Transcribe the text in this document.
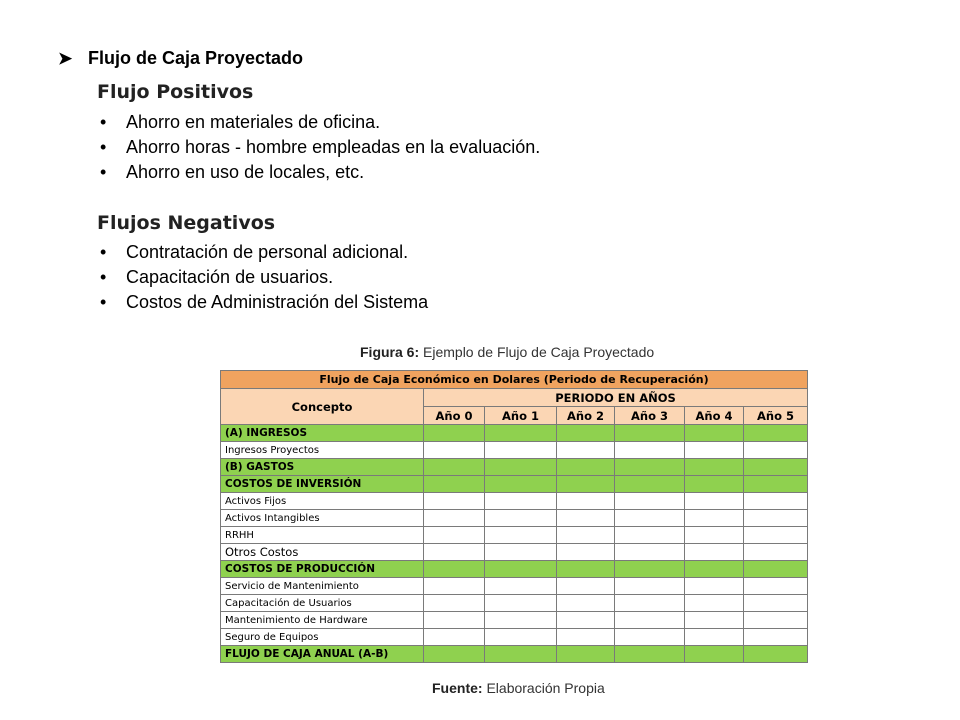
➤ Flujo de Caja Proyectado
Flujo Positivos
• Ahorro en materiales de oficina.
• Ahorro horas - hombre empleadas en la evaluación.
• Ahorro en uso de locales, etc.
Flujos Negativos
• Contratación de personal adicional.
• Capacitación de usuarios.
• Costos de Administración del Sistema
Figura 6: Ejemplo de Flujo de Caja Proyectado
Flujo de Caja Económico en Dolares (Periodo de Recuperación)						
Concepto	PERIODO EN AÑOS					
	Año 0	Año 1	Año 2	Año 3	Año 4	Año 5
(A) INGRESOS						
Ingresos Proyectos						
(B) GASTOS						
COSTOS DE INVERSIÓN						
Activos Fijos						
Activos Intangibles						
RRHH						
Otros Costos						
COSTOS DE PRODUCCIÓN						
Servicio de Mantenimiento						
Capacitación de Usuarios						
Mantenimiento de Hardware						
Seguro de Equipos						
FLUJO DE CAJA ANUAL (A-B)						
Fuente: Elaboración Propia
